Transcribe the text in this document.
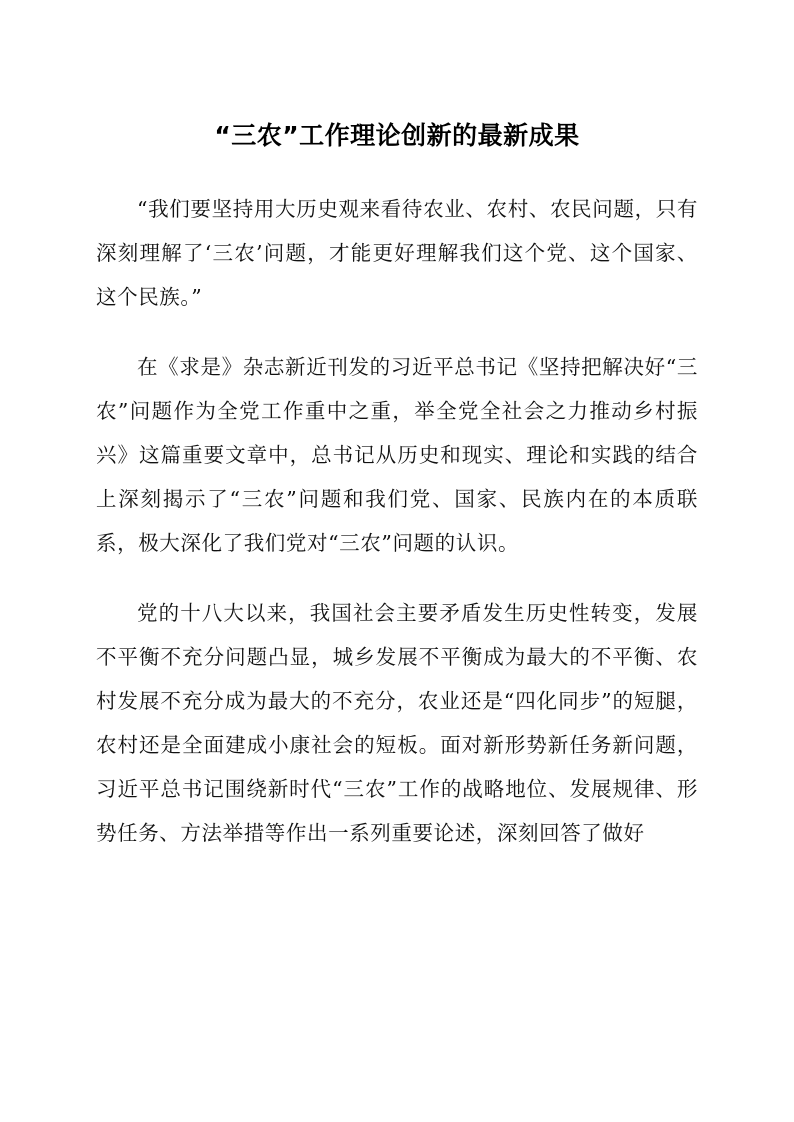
“三农”工作理论创新的最新成果

“我们要坚持用大历史观来看待农业、农村、农民问题，只有深刻理解了‘三农’问题，才能更好理解我们这个党、这个国家、这个民族。”

在《求是》杂志新近刊发的习近平总书记《坚持把解决好“三农”问题作为全党工作重中之重，举全党全社会之力推动乡村振兴》这篇重要文章中，总书记从历史和现实、理论和实践的结合上深刻揭示了“三农”问题和我们党、国家、民族内在的本质联系，极大深化了我们党对“三农”问题的认识。

党的十八大以来，我国社会主要矛盾发生历史性转变，发展不平衡不充分问题凸显，城乡发展不平衡成为最大的不平衡、农村发展不充分成为最大的不充分，农业还是“四化同步”的短腿，农村还是全面建成小康社会的短板。面对新形势新任务新问题，习近平总书记围绕新时代“三农”工作的战略地位、发展规律、形势任务、方法举措等作出一系列重要论述，深刻回答了做好
